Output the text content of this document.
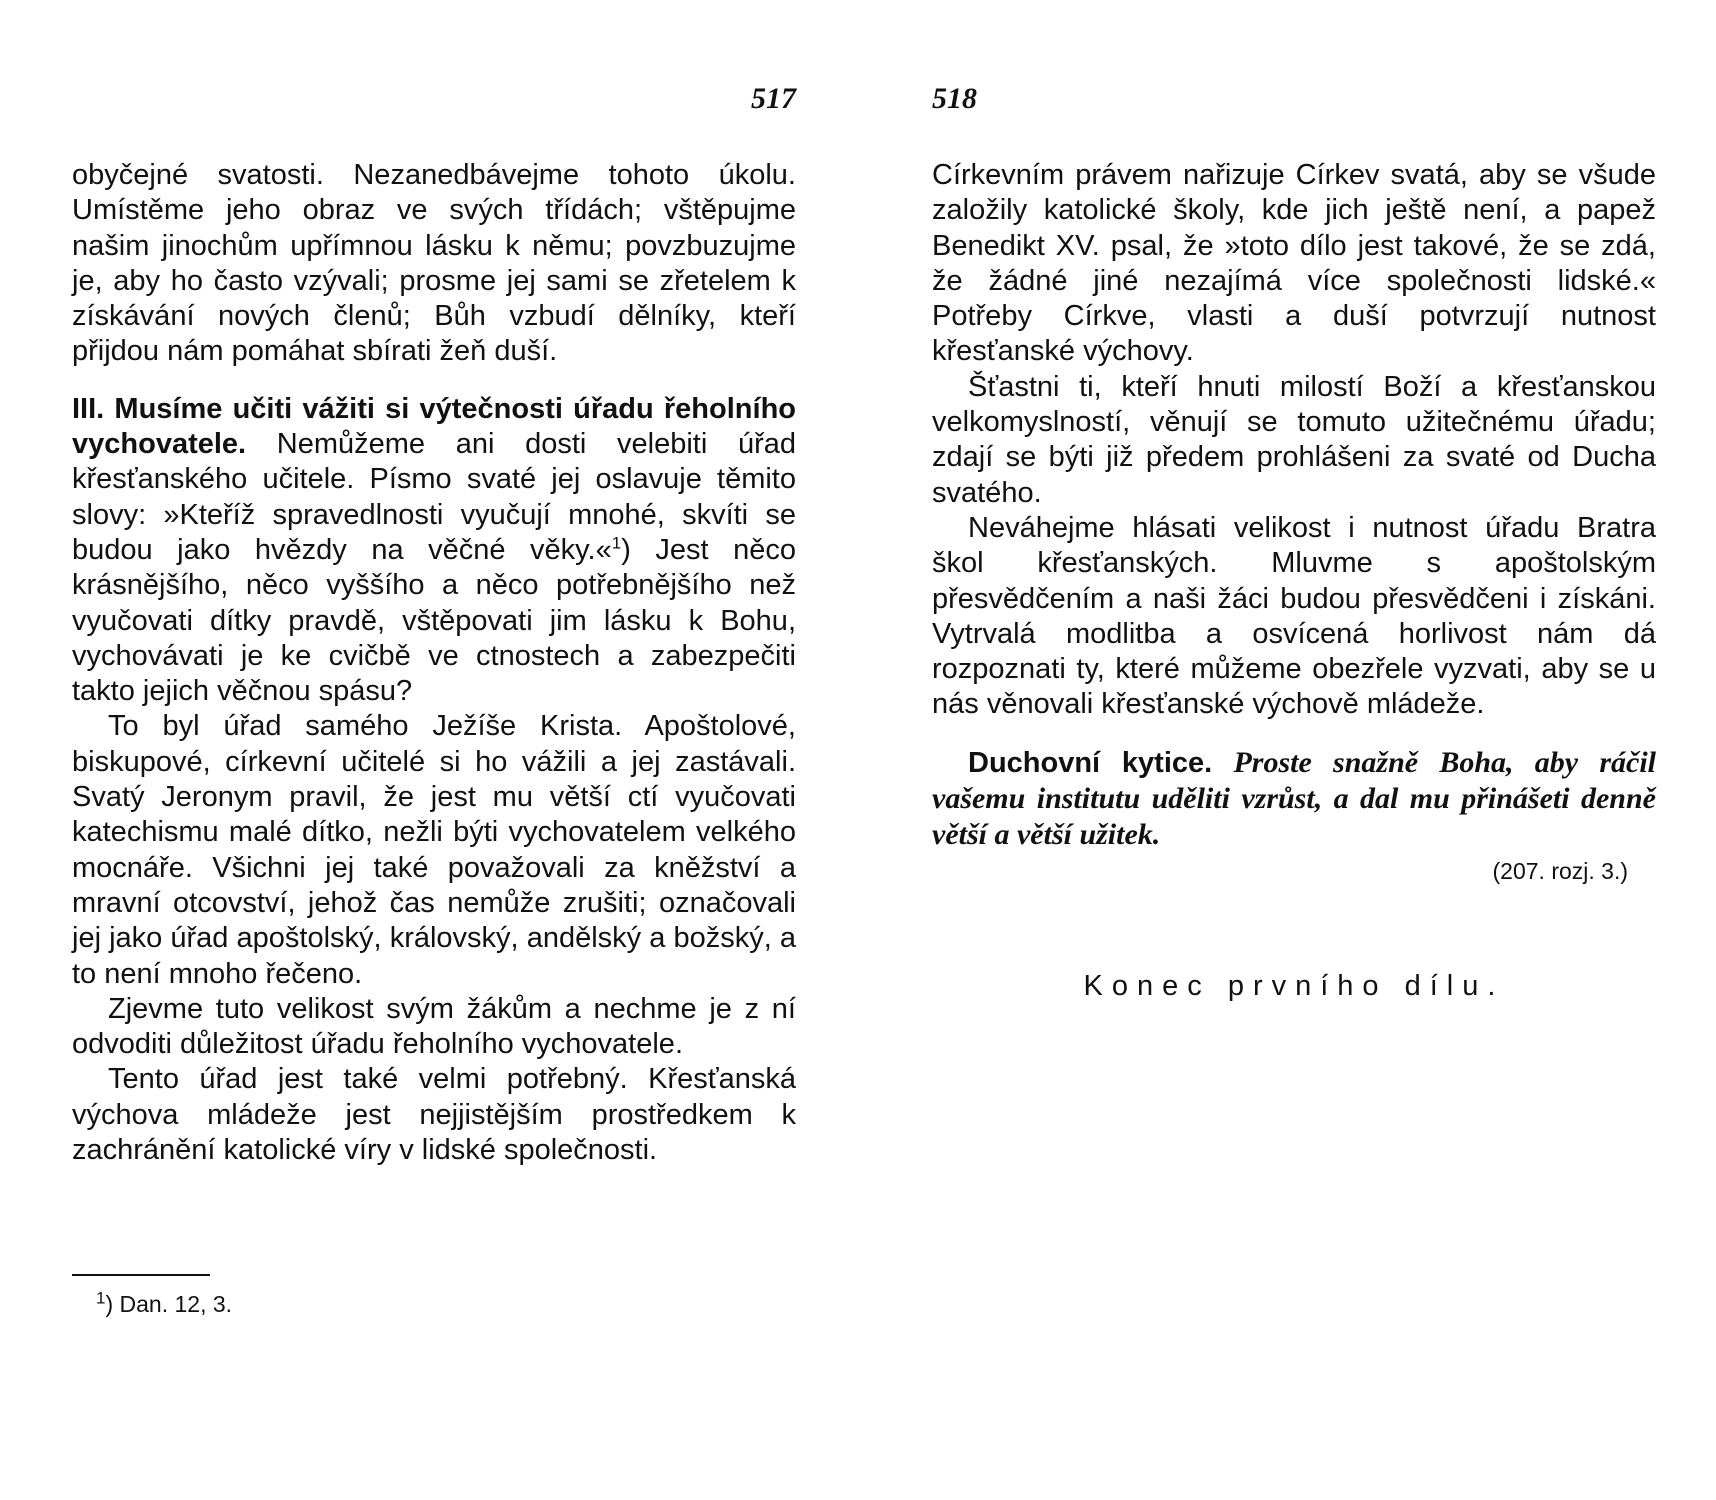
517

obyčejné svatosti. Nezanedbávejme tohoto úkolu. Umístěme jeho obraz ve svých třídách; vštěpujme našim jinochům upřímnou lásku k němu; povzbuzujme je, aby ho často vzývali; prosme jej sami se zřetelem k získávání nových členů; Bůh vzbudí dělníky, kteří přijdou nám pomáhat sbírati žeň duší.

III. Musíme učiti vážiti si výtečnosti úřadu řeholního vychovatele. Nemůžeme ani dosti velebiti úřad křesťanského učitele. Písmo svaté jej oslavuje těmito slovy: »Kteříž spravedlnosti vyučují mnohé, skvíti se budou jako hvězdy na věčné věky.«$^1$) Jest něco krásnějšího, něco vyššího a něco potřebnějšího než vyučovati dítky pravdě, vštěpovati jim lásku k Bohu, vychovávati je ke cvičbě ve ctnostech a zabezpečiti takto jejich věčnou spásu?

To byl úřad samého Ježíše Krista. Apoštolové, biskupové, církevní učitelé si ho vážili a jej zastávali. Svatý Jeronym pravil, že jest mu větší ctí vyučovati katechismu malé dítko, nežli býti vychovatelem velkého mocnáře. Všichni jej také považovali za kněžství a mravní otcovství, jehož čas nemůže zrušiti; označovali jej jako úřad apoštolský, královský, andělský a božský, a to není mnoho řečeno.

Zjevme tuto velikost svým žákům a nechme je z ní odvoditi důležitost úřadu řeholního vychovatele.

Tento úřad jest také velmi potřebný. Křesťanská výchova mládeže jest nejjistějším prostředkem k zachránění katolické víry v lidské společnosti.

$^1$) Dan. 12, 3.
518

Církevním právem nařizuje Církev svatá, aby se všude založily katolické školy, kde jich ještě není, a papež Benedikt XV. psal, že »toto dílo jest takové, že se zdá, že žádné jiné nezajímá více společnosti lidské.« Potřeby Církve, vlasti a duší potvrzují nutnost křesťanské výchovy.

Šťastni ti, kteří hnuti milostí Boží a křesťanskou velkomyslností, věnují se tomuto užitečnému úřadu; zdají se býti již předem prohlášeni za svaté od Ducha svatého.

Neváhejme hlásati velikost i nutnost úřadu Bratra škol křesťanských. Mluvme s apoštolským přesvědčením a naši žáci budou přesvědčeni i získáni. Vytrvalá modlitba a osvícená horlivost nám dá rozpoznati ty, které můžeme obezřele vyzvati, aby se u nás věnovali křesťanské výchově mládeže.

Duchovní kytice. Proste snažně Boha, aby ráčil vašemu institutu uděliti vzrůst, a dal mu přinášeti denně větší a větší užitek.

(207. rozj. 3.)

Konec prvního dílu.
